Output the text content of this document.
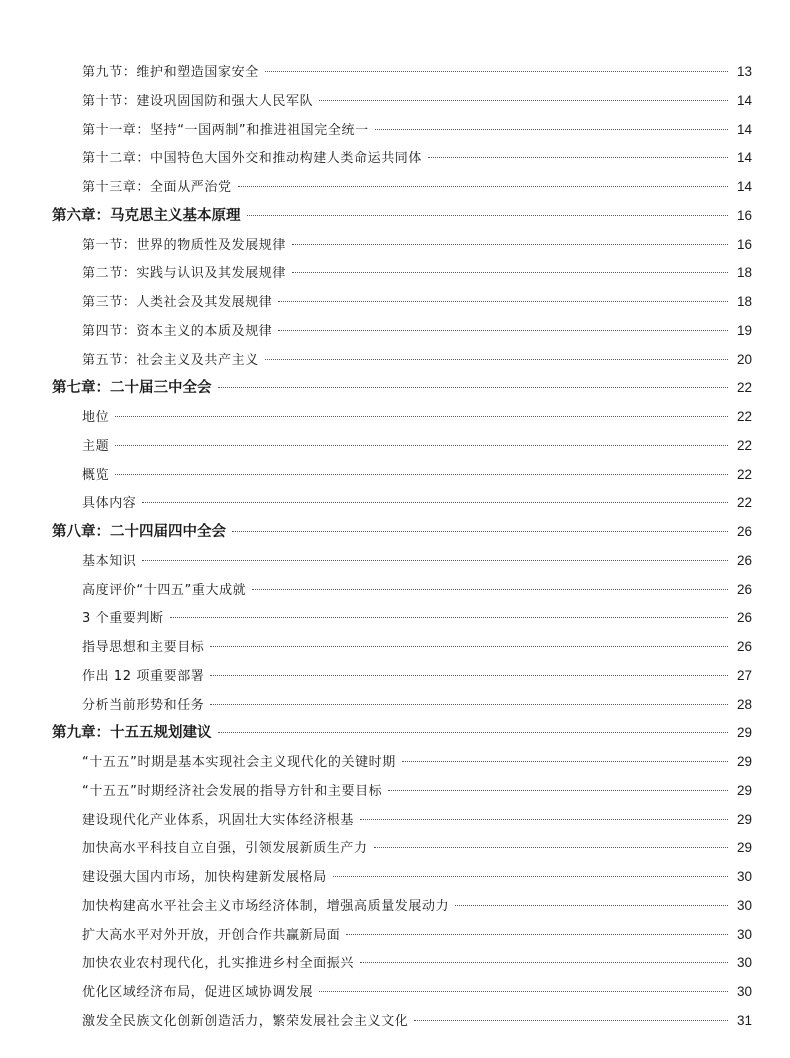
第九节：维护和塑造国家安全	13
第十节：建设巩固国防和强大人民军队	14
第十一章：坚持“一国两制”和推进祖国完全统一	14
第十二章：中国特色大国外交和推动构建人类命运共同体	14
第十三章：全面从严治党	14
第六章：马克思主义基本原理	16
第一节：世界的物质性及发展规律	16
第二节：实践与认识及其发展规律	18
第三节：人类社会及其发展规律	18
第四节：资本主义的本质及规律	19
第五节：社会主义及共产主义	20
第七章：二十届三中全会	22
地位	22
主题	22
概览	22
具体内容	22
第八章：二十四届四中全会	26
基本知识	26
高度评价“十四五”重大成就	26
3 个重要判断	26
指导思想和主要目标	26
作出 12 项重要部署	27
分析当前形势和任务	28
第九章：十五五规划建议	29
“十五五”时期是基本实现社会主义现代化的关键时期	29
“十五五”时期经济社会发展的指导方针和主要目标	29
建设现代化产业体系，巩固壮大实体经济根基	29
加快高水平科技自立自强，引领发展新质生产力	29
建设强大国内市场，加快构建新发展格局	30
加快构建高水平社会主义市场经济体制，增强高质量发展动力	30
扩大高水平对外开放，开创合作共赢新局面	30
加快农业农村现代化，扎实推进乡村全面振兴	30
优化区域经济布局，促进区域协调发展	30
激发全民族文化创新创造活力，繁荣发展社会主义文化	31
